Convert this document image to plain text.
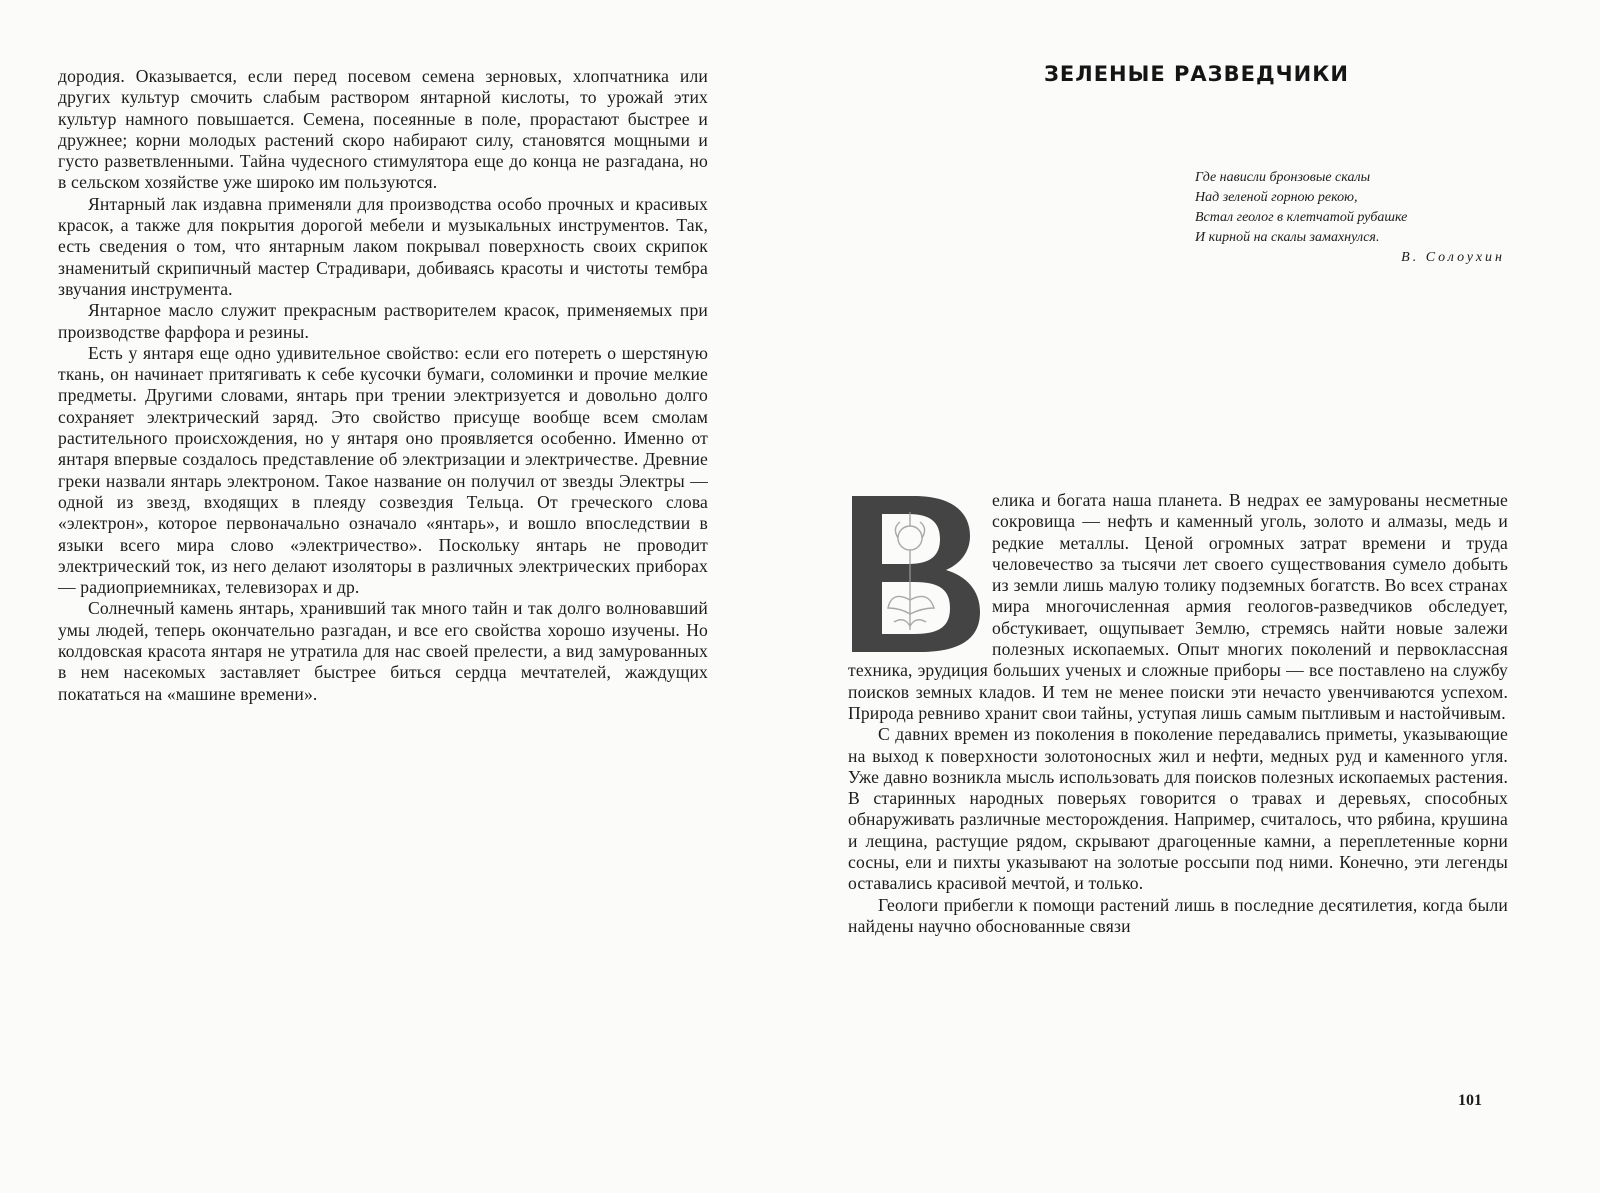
дородия. Оказывается, если перед посевом семена зерновых, хлопчатника или других культур смочить слабым раствором янтарной кислоты, то урожай этих культур намного повышается. Семена, посеянные в поле, прорастают быстрее и дружнее; корни молодых растений скоро набирают силу, становятся мощными и густо разветвленными. Тайна чудесного стимулятора еще до конца не разгадана, но в сельском хозяйстве уже широко им пользуются.

Янтарный лак издавна применяли для производства особо прочных и красивых красок, а также для покрытия дорогой мебели и музыкальных инструментов. Так, есть сведения о том, что янтарным лаком покрывал поверхность своих скрипок знаменитый скрипичный мастер Страдивари, добиваясь красоты и чистоты тембра звучания инструмента.

Янтарное масло служит прекрасным растворителем красок, применяемых при производстве фарфора и резины.

Есть у янтаря еще одно удивительное свойство: если его потереть о шерстяную ткань, он начинает притягивать к себе кусочки бумаги, соломинки и прочие мелкие предметы. Другими словами, янтарь при трении электризуется и довольно долго сохраняет электрический заряд. Это свойство присуще вообще всем смолам растительного происхождения, но у янтаря оно проявляется особенно. Именно от янтаря впервые создалось представление об электризации и электричестве. Древние греки назвали янтарь электроном. Такое название он получил от звезды Электры — одной из звезд, входящих в плеяду созвездия Тельца. От греческого слова «электрон», которое первоначально означало «янтарь», и вошло впоследствии в языки всего мира слово «электричество». Поскольку янтарь не проводит электрический ток, из него делают изоляторы в различных электрических приборах — радиоприемниках, телевизорах и др.

Солнечный камень янтарь, хранивший так много тайн и так долго волновавший умы людей, теперь окончательно разгадан, и все его свойства хорошо изучены. Но колдовская красота янтаря не утратила для нас своей прелести, а вид замурованных в нем насекомых заставляет быстрее биться сердца мечтателей, жаждущих покататься на «машине времени».

ЗЕЛЕНЫЕ РАЗВЕДЧИКИ
Где нависли бронзовые скалы
Над зеленой горною рекою,
Встал геолог в клетчатой рубашке
И кирной на скалы замахнулся.
В. Солоухин

елика и богата наша планета. В недрах ее замурованы несметные сокровища — нефть и каменный уголь, золото и алмазы, медь и редкие металлы. Ценой огромных затрат времени и труда человечество за тысячи лет своего существования сумело добыть из земли лишь малую толику подземных богатств. Во всех странах мира многочисленная армия геологов-разведчиков обследует, обстукивает, ощупывает Землю, стремясь найти новые залежи полезных ископаемых. Опыт многих поколений и первоклассная техника, эрудиция больших ученых и сложные приборы — все поставлено на службу поисков земных кладов. И тем не менее поиски эти нечасто увенчиваются успехом. Природа ревниво хранит свои тайны, уступая лишь самым пытливым и настойчивым.

С давних времен из поколения в поколение передавались приметы, указывающие на выход к поверхности золотоносных жил и нефти, медных руд и каменного угля. Уже давно возникла мысль использовать для поисков полезных ископаемых растения. В старинных народных поверьях говорится о травах и деревьях, способных обнаруживать различные месторождения. Например, считалось, что рябина, крушина и лещина, растущие рядом, скрывают драгоценные камни, а переплетенные корни сосны, ели и пихты указывают на золотые россыпи под ними. Конечно, эти легенды оставались красивой мечтой, и только.

Геологи прибегли к помощи растений лишь в последние десятилетия, когда были найдены научно обоснованные связи

101
